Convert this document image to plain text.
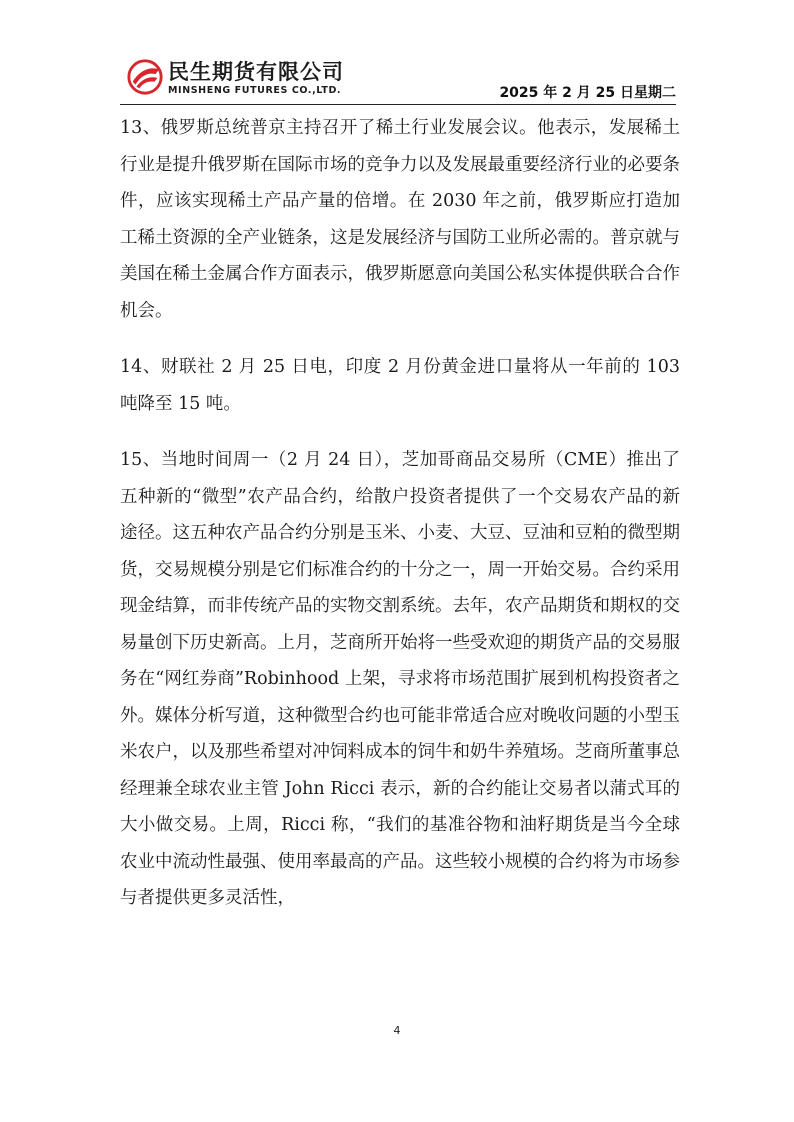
民生期货有限公司
MINSHENG FUTURES CO.,LTD.	2025 年 2 月 25 日星期二

13、俄罗斯总统普京主持召开了稀土行业发展会议。他表示，发展稀土行业是提升俄罗斯在国际市场的竞争力以及发展最重要经济行业的必要条件，应该实现稀土产品产量的倍增。在 2030 年之前，俄罗斯应打造加工稀土资源的全产业链条，这是发展经济与国防工业所必需的。普京就与美国在稀土金属合作方面表示，俄罗斯愿意向美国公私实体提供联合合作机会。

14、财联社 2 月 25 日电，印度 2 月份黄金进口量将从一年前的 103 吨降至 15 吨。

15、当地时间周一（2 月 24 日），芝加哥商品交易所（CME）推出了五种新的“微型”农产品合约，给散户投资者提供了一个交易农产品的新途径。这五种农产品合约分别是玉米、小麦、大豆、豆油和豆粕的微型期货，交易规模分别是它们标准合约的十分之一，周一开始交易。合约采用现金结算，而非传统产品的实物交割系统。去年，农产品期货和期权的交易量创下历史新高。上月，芝商所开始将一些受欢迎的期货产品的交易服务在“网红券商”Robinhood 上架，寻求将市场范围扩展到机构投资者之外。媒体分析写道，这种微型合约也可能非常适合应对晚收问题的小型玉米农户，以及那些希望对冲饲料成本的饲牛和奶牛养殖场。芝商所董事总经理兼全球农业主管 John Ricci 表示，新的合约能让交易者以蒲式耳的大小做交易。上周，Ricci 称，“我们的基准谷物和油籽期货是当今全球农业中流动性最强、使用率最高的产品。这些较小规模的合约将为市场参与者提供更多灵活性，

4
